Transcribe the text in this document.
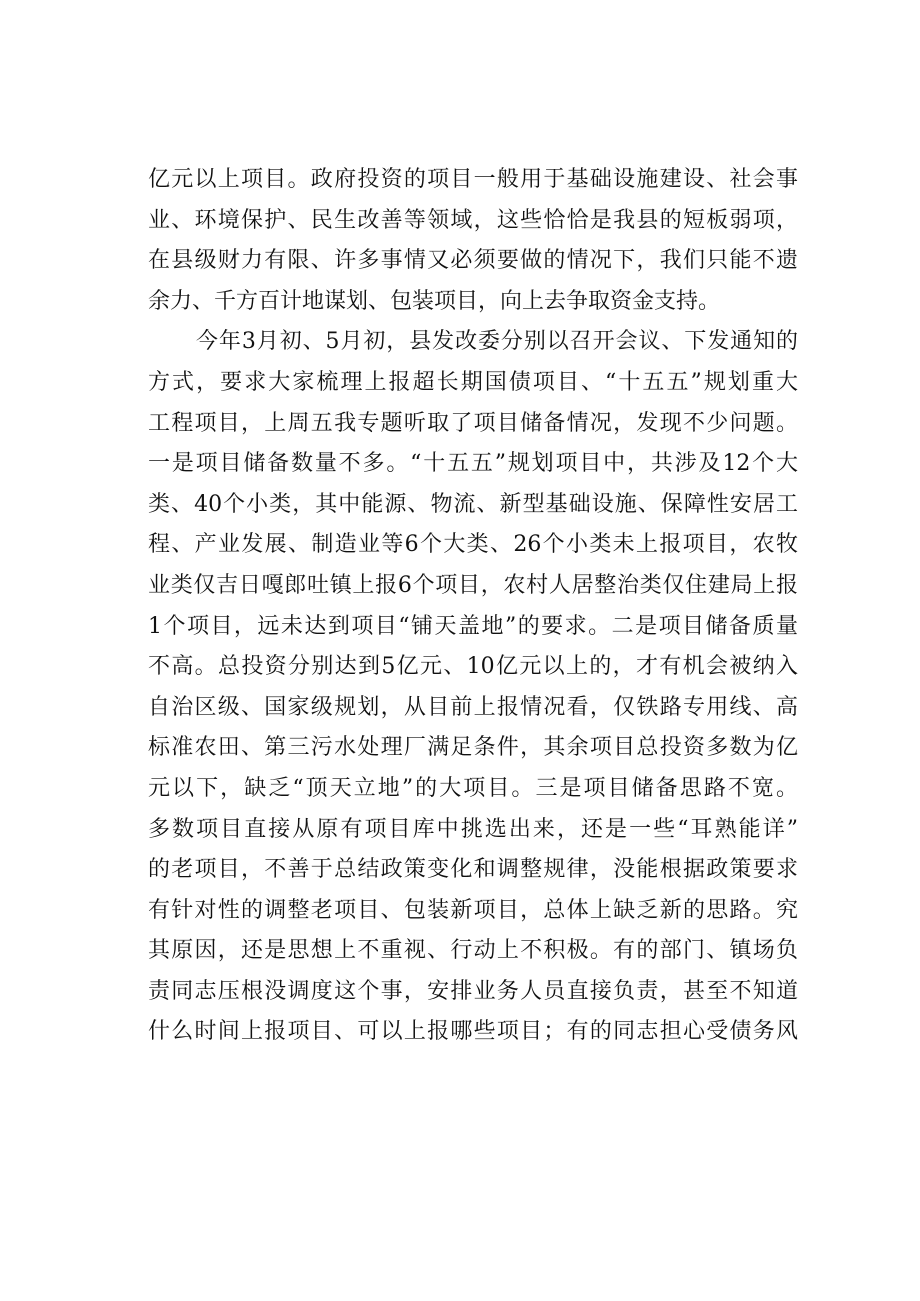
亿元以上项目。政府投资的项目一般用于基础设施建设、社会事
业、环境保护、民生改善等领域，这些恰恰是我县的短板弱项，
在县级财力有限、许多事情又必须要做的情况下，我们只能不遗
余力、千方百计地谋划、包装项目，向上去争取资金支持。
今年3月初、5月初，县发改委分别以召开会议、下发通知的
方式，要求大家梳理上报超长期国债项目、“十五五”规划重大
工程项目，上周五我专题听取了项目储备情况，发现不少问题。
一是项目储备数量不多。“十五五”规划项目中，共涉及12个大
类、40个小类，其中能源、物流、新型基础设施、保障性安居工
程、产业发展、制造业等6个大类、26个小类未上报项目，农牧
业类仅吉日嘎郎吐镇上报6个项目，农村人居整治类仅住建局上报
1个项目，远未达到项目“铺天盖地”的要求。二是项目储备质量
不高。总投资分别达到5亿元、10亿元以上的，才有机会被纳入
自治区级、国家级规划，从目前上报情况看，仅铁路专用线、高
标准农田、第三污水处理厂满足条件，其余项目总投资多数为亿
元以下，缺乏“顶天立地”的大项目。三是项目储备思路不宽。
多数项目直接从原有项目库中挑选出来，还是一些“耳熟能详”
的老项目，不善于总结政策变化和调整规律，没能根据政策要求
有针对性的调整老项目、包装新项目，总体上缺乏新的思路。究
其原因，还是思想上不重视、行动上不积极。有的部门、镇场负
责同志压根没调度这个事，安排业务人员直接负责，甚至不知道
什么时间上报项目、可以上报哪些项目；有的同志担心受债务风
